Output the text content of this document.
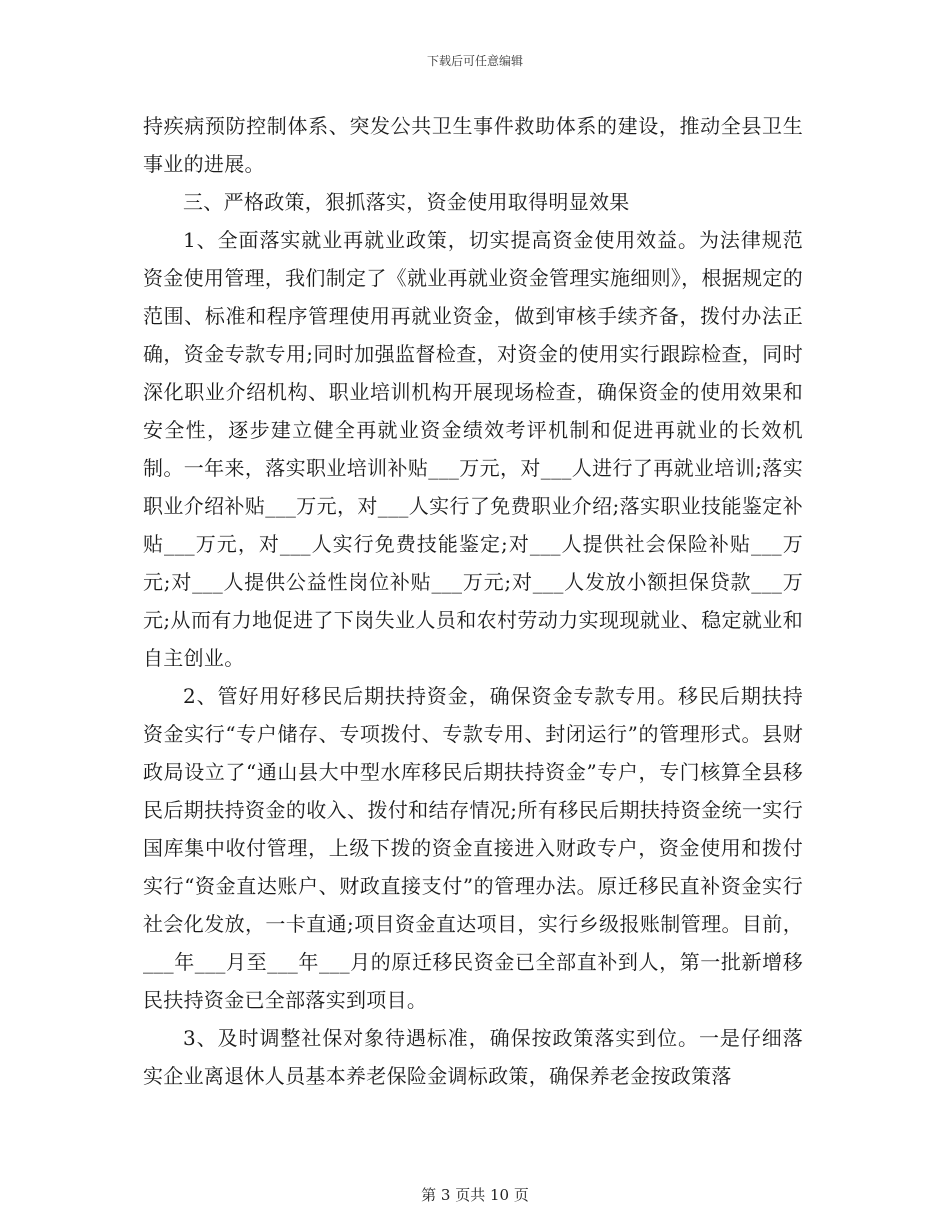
下载后可任意编辑

持疾病预防控制体系、突发公共卫生事件救助体系的建设，推动全县卫生事业的进展。

三、严格政策，狠抓落实，资金使用取得明显效果

1、全面落实就业再就业政策，切实提高资金使用效益。为法律规范资金使用管理，我们制定了《就业再就业资金管理实施细则》，根据规定的范围、标准和程序管理使用再就业资金，做到审核手续齐备，拨付办法正确，资金专款专用;同时加强监督检查，对资金的使用实行跟踪检查，同时深化职业介绍机构、职业培训机构开展现场检查，确保资金的使用效果和安全性，逐步建立健全再就业资金绩效考评机制和促进再就业的长效机制。一年来，落实职业培训补贴___万元，对___人进行了再就业培训;落实职业介绍补贴___万元，对___人实行了免费职业介绍;落实职业技能鉴定补贴___万元，对___人实行免费技能鉴定;对___人提供社会保险补贴___万元;对___人提供公益性岗位补贴___万元;对___人发放小额担保贷款___万元;从而有力地促进了下岗失业人员和农村劳动力实现现就业、稳定就业和自主创业。

2、管好用好移民后期扶持资金，确保资金专款专用。移民后期扶持资金实行“专户储存、专项拨付、专款专用、封闭运行”的管理形式。县财政局设立了“通山县大中型水库移民后期扶持资金”专户，专门核算全县移民后期扶持资金的收入、拨付和结存情况;所有移民后期扶持资金统一实行国库集中收付管理，上级下拨的资金直接进入财政专户，资金使用和拨付实行“资金直达账户、财政直接支付”的管理办法。原迁移民直补资金实行社会化发放，一卡直通;项目资金直达项目，实行乡级报账制管理。目前，___年___月至___年___月的原迁移民资金已全部直补到人，第一批新增移民扶持资金已全部落实到项目。

3、及时调整社保对象待遇标准，确保按政策落实到位。一是仔细落实企业离退休人员基本养老保险金调标政策，确保养老金按政策落

第 3 页共 10 页
